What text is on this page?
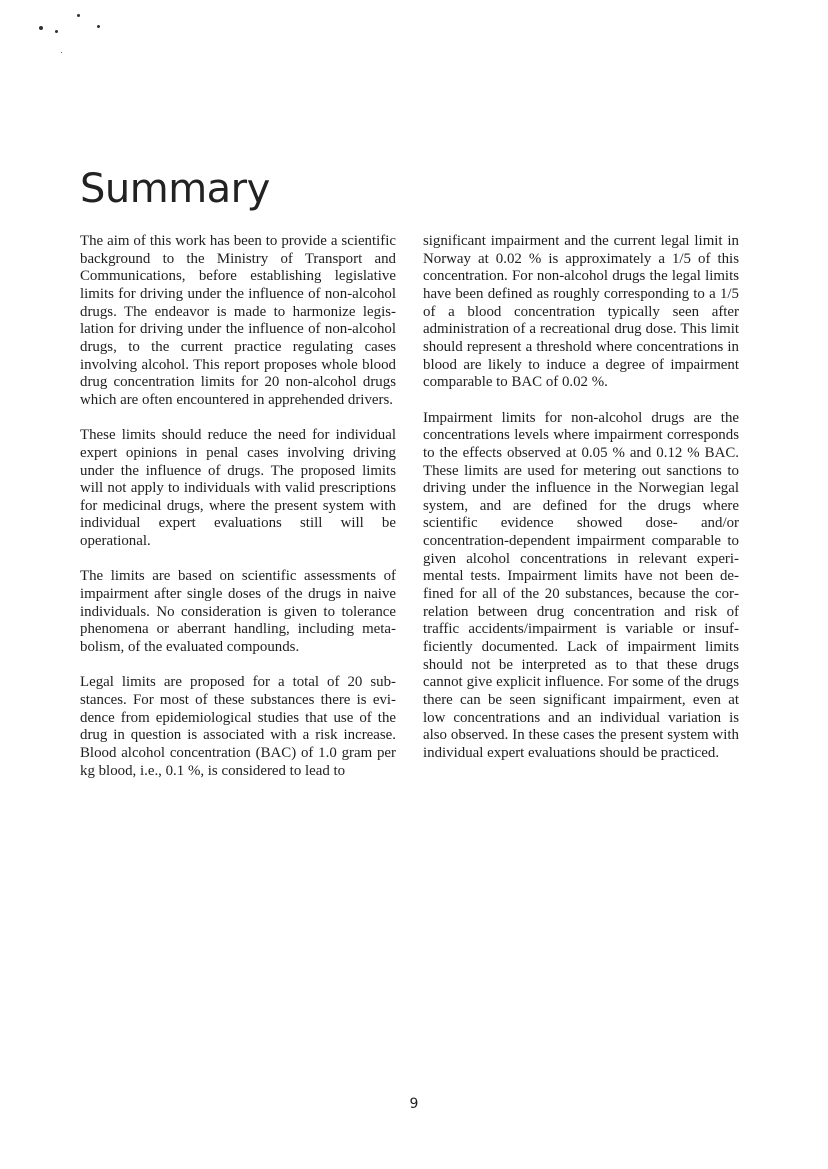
Summary

The aim of this work has been to provide a scientific background to the Ministry of Transport and Communications, before establishing legislative limits for driving under the influence of non-alcohol drugs. The endeavor is made to harmonize legislation for driving under the influence of non-alcohol drugs, to the current practice regulating cases involving alcohol. This report proposes whole blood drug concentration limits for 20 non-alcohol drugs which are often encountered in apprehended drivers.

These limits should reduce the need for individual expert opinions in penal cases involving driving under the influence of drugs. The proposed limits will not apply to individuals with valid prescriptions for medicinal drugs, where the present system with individual expert evaluations still will be operational.

The limits are based on scientific assessments of impairment after single doses of the drugs in naive individuals. No consideration is given to tolerance phenomena or aberrant handling, including metabolism, of the evaluated compounds.

Legal limits are proposed for a total of 20 substances. For most of these substances there is evidence from epidemiological studies that use of the drug in question is associated with a risk increase. Blood alcohol concentration (BAC) of 1.0 gram per kg blood, i.e., 0.1 %, is considered to lead to

significant impairment and the current legal limit in Norway at 0.02 % is approximately a 1/5 of this concentration. For non-alcohol drugs the legal limits have been defined as roughly corresponding to a 1/5 of a blood concentration typically seen after administration of a recreational drug dose. This limit should represent a threshold where concentrations in blood are likely to induce a degree of impairment comparable to BAC of 0.02 %.

Impairment limits for non-alcohol drugs are the concentrations levels where impairment corresponds to the effects observed at 0.05 % and 0.12 % BAC. These limits are used for metering out sanctions to driving under the influence in the Norwegian legal system, and are defined for the drugs where scientific evidence showed dose- and/or concentration-dependent impairment comparable to given alcohol concentrations in relevant experimental tests. Impairment limits have not been defined for all of the 20 substances, because the correlation between drug concentration and risk of traffic accidents/impairment is variable or insufficiently documented. Lack of impairment limits should not be interpreted as to that these drugs cannot give explicit influence. For some of the drugs there can be seen significant impairment, even at low concentrations and an individual variation is also observed. In these cases the present system with individual expert evaluations should be practiced.

9
